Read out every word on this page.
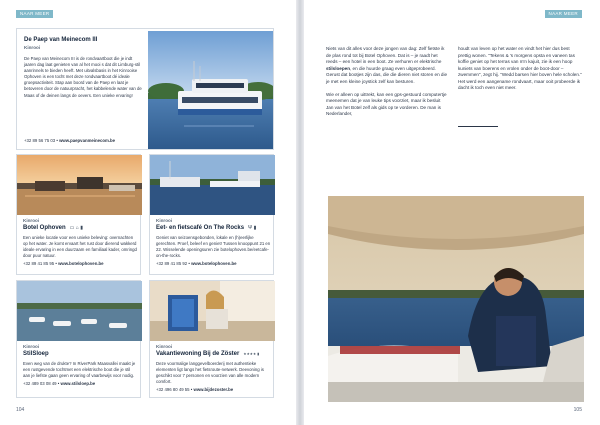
NAAR MEER
De Paep van Meinecom III
Kinrooi
De Paep van Meinecom III is de rondvaartboot die je indt jaaren dag laat genieten van al het mooi s dat dit Limburg-stil aanrinnels te bieden heeft. Met uitvalsbasis in het Kinrooise Ophoven is een tocht met deze rondvaartboot dé ideale groepsactiviteit. Stap aan boord van de Paep en laat je betoveren door de natuurpracht, het kabbelende water van de Maas of de deinen langs de oevers. Een unieke ervaring!
+32 89 56 75 03 • www.paepvanmeinecom.be
Kinrooi
Botel Ophoven ▭ ⌂ ▮
Een unieke locatie voor een unieke beleving: overnachten op het water. Je komt ervaart het rust door dierend wakkerd ideale ervaring in een duurzaam en familiaal kader, omringd door puur natuur.
+32 89 41 85 95 • www.botelophoven.be
Kinrooi
Eet- en fietscafé On The Rocks Ψ ▮
Geniet van seizoensgebonden, lokale en (h)eerlijke gerechten. Proef, beleef en geniet! Tussen knooppunt 21 en 22. Wisselende openingsuren zie botelophoven.be/eetcafe-on-the-rocks.
+32 89 41 85 92 • www.botelophoven.be
Kinrooi
StilSloep
Even weg van de drukte? In RiverPark Maasvallei maakt je een rustgevende tochtmet een elektrische boot die je stil aan je liefste gaan geen ervaring of vaarbewijs voor nodig.
+32 489 03 08 49 • www.stilsloep.be
Kinrooi
Vakantiewoning Bij de Zöster ★★★★ ▮
Deze voormalige langgevelboerderij met authentieke elementen ligt langs het fietsroute-netwerk. Deevoning is geschikt voor 7 personen en voorzien van alle modern comfort.
+32 496 80 49 55 • www.bijdezoster.be
104
NAAR MEER
Niets van dit alles voor deze jongen van dag: Zelf fietste ik de plas rond tot bij Botel Ophoven. Dat is – je raadt het reeds – een hotel in een boot. Ze verhuren er elektrische stilsloepen, en die huurde graag even uitgeprobeerd. Gerust dat bootjes zijn das, die die dieren niet storen en die je met een kleine joystick zelf kan besturen.

Wie er alleen op uittrekt, kan een gps-gestuurd computertje meenemen dat je van leuke tips voorziet, maar ik besluit Jan van het Botel zelf als gids op te vorderen. De man is Nederlander,
houdt van leven op het water en vindt het hier dus best prettig wonen. "Tekens & 's morgens opsta en vaneen tas koffie geniet op het terras van m'n kajuit, zie ik een hoop kuniets van boerens en vrolen onder de boot-door – zwemmen", zegt hij. "Wedd barsen hier boven hele scholen." Het werd een aangename rondvaart, maar ooit probeerde ik dacht ik toch even niet meer.
105
